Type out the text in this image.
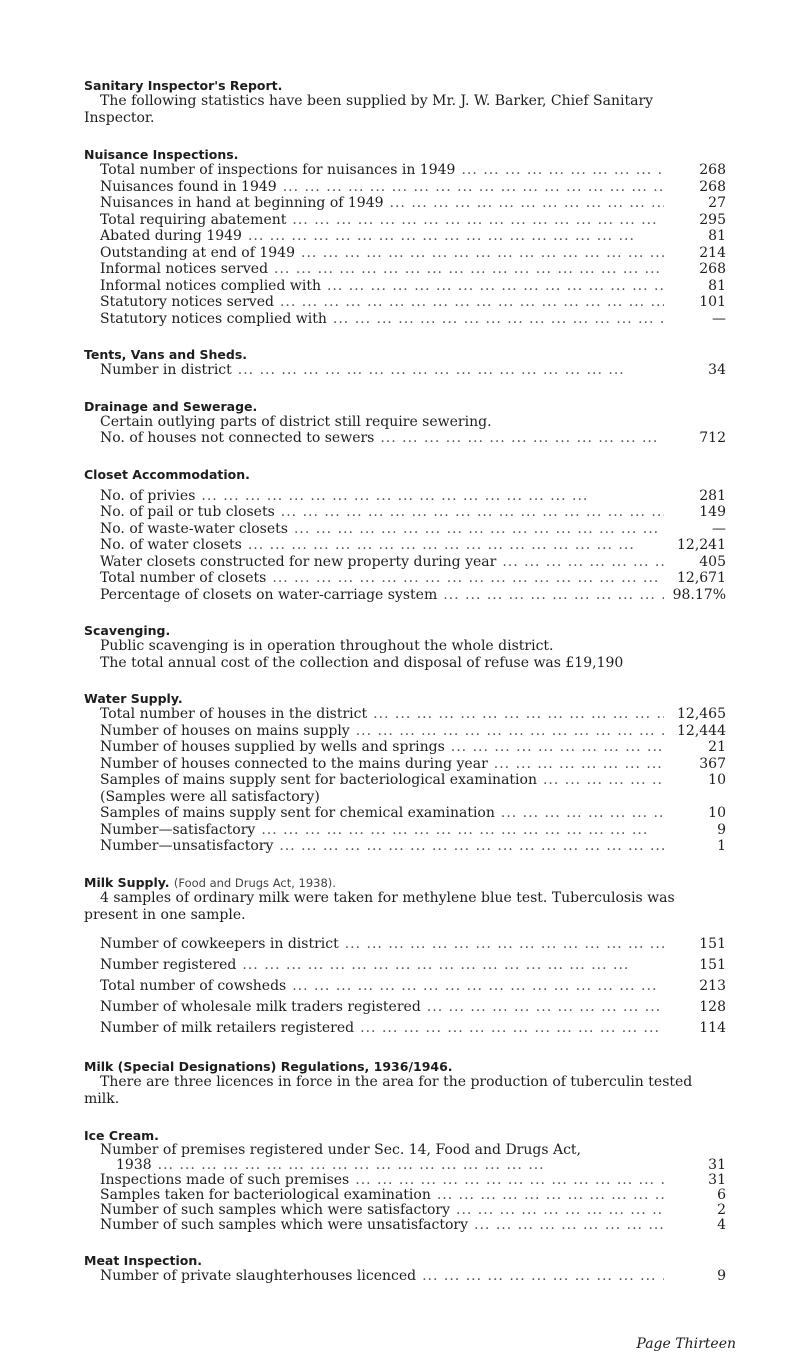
Sanitary Inspector's Report.

The following statistics have been supplied by Mr. J. W. Barker, Chief Sanitary Inspector.

Nuisance Inspections.
Total number of inspections for nuisances in 1949 ... .	268
Nuisances found in 1949 ... .	268
Nuisances in hand at beginning of 1949 ... .	27
Total requiring abatement ... .	295
Abated during 1949 ... .	81
Outstanding at end of 1949 ... .	214
Informal notices served ... .	268
Informal notices complied with ... .	81
Statutory notices served ... .	101
Statutory notices complied with ... .	—
Tents, Vans and Sheds.
Number in district ... .	34
Drainage and Sewerage.
Certain outlying parts of district still require sewering.
No. of houses not connected to sewers ... .	712
Closet Accommodation.
No. of privies ... .	281
No. of pail or tub closets ... .	149
No. of waste-water closets ... .	—
No. of water closets ... .	12,241
Water closets constructed for new property during year ... .	405
Total number of closets ... .	12,671
Percentage of closets on water-carriage system ... .	98.17%
Scavenging.
Public scavenging is in operation throughout the whole district.
The total annual cost of the collection and disposal of refuse was £19,190
Water Supply.
Total number of houses in the district ... .	12,465
Number of houses on mains supply ... .	12,444
Number of houses supplied by wells and springs ... .	21
Number of houses connected to the mains during year ... .	367
Samples of mains supply sent for bacteriological examination ... .	10
(Samples were all satisfactory)
Samples of mains supply sent for chemical examination ... .	10
Number—satisfactory ... .	9
Number—unsatisfactory ... .	1
Milk Supply. (Food and Drugs Act, 1938).

4 samples of ordinary milk were taken for methylene blue test. Tuberculosis was present in one sample.

Number of cowkeepers in district ... .	151
Number registered ... .	151
Total number of cowsheds ... .	213
Number of wholesale milk traders registered ... .	128
Number of milk retailers registered ... .	114
Milk (Special Designations) Regulations, 1936/1946.

There are three licences in force in the area for the production of tuberculin tested milk.

Ice Cream.
Number of premises registered under Sec. 14, Food and Drugs Act,
1938 ... .	31
Inspections made of such premises ... .	31
Samples taken for bacteriological examination ... .	6
Number of such samples which were satisfactory ... .	2
Number of such samples which were unsatisfactory ... .	4
Meat Inspection.
Number of private slaughterhouses licenced ... .	9
Page Thirteen
